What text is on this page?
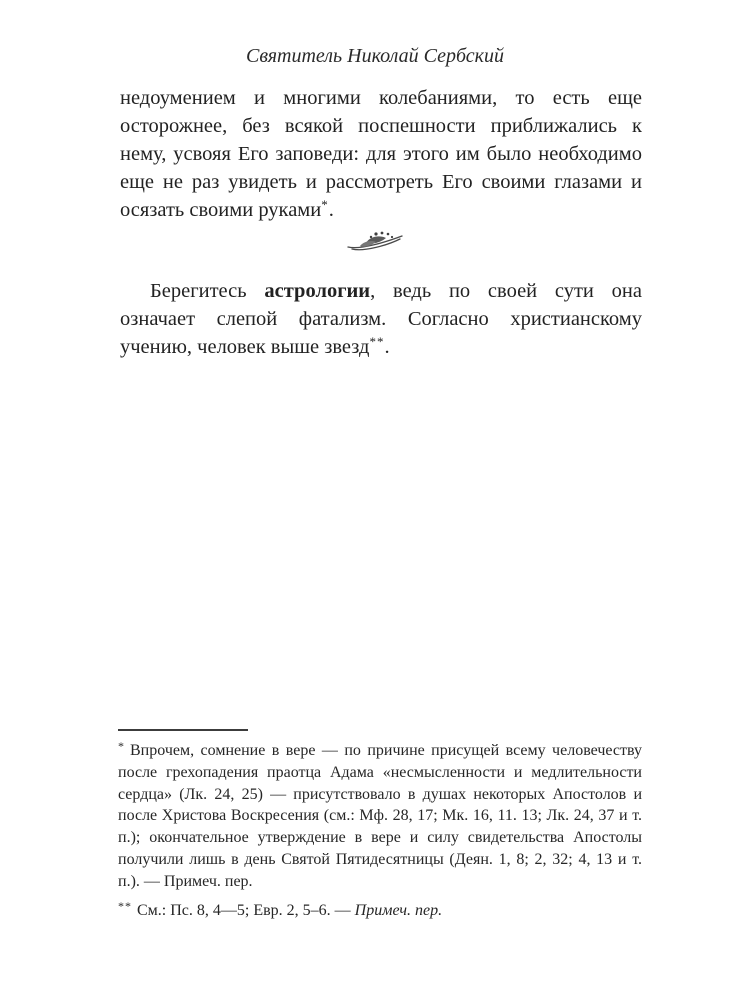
Святитель Николай Сербский
недоумением и многими колебаниями, то есть еще осторожнее, без всякой поспешности приближались к нему, усвояя Его заповеди: для этого им было необходимо еще не раз увидеть и рассмотреть Его своими глазами и осязать своими руками*.
Берегитесь астрологии, ведь по своей сути она означает слепой фатализм. Согласно христианскому учению, человек выше звезд**.
* Впрочем, сомнение в вере — по причине присущей всему человечеству после грехопадения праотца Адама «несмысленности и медлительности сердца» (Лк. 24, 25) — присутствовало в душах некоторых Апостолов и после Христова Воскресения (см.: Мф. 28, 17; Мк. 16, 11. 13; Лк. 24, 37 и т. п.); окончательное утверждение в вере и силу свидетельства Апостолы получили лишь в день Святой Пятидесятницы (Деян. 1, 8; 2, 32; 4, 13 и т. п.). — Примеч. пер.
** См.: Пс. 8, 4—5; Евр. 2, 5–6. — Примеч. пер.
